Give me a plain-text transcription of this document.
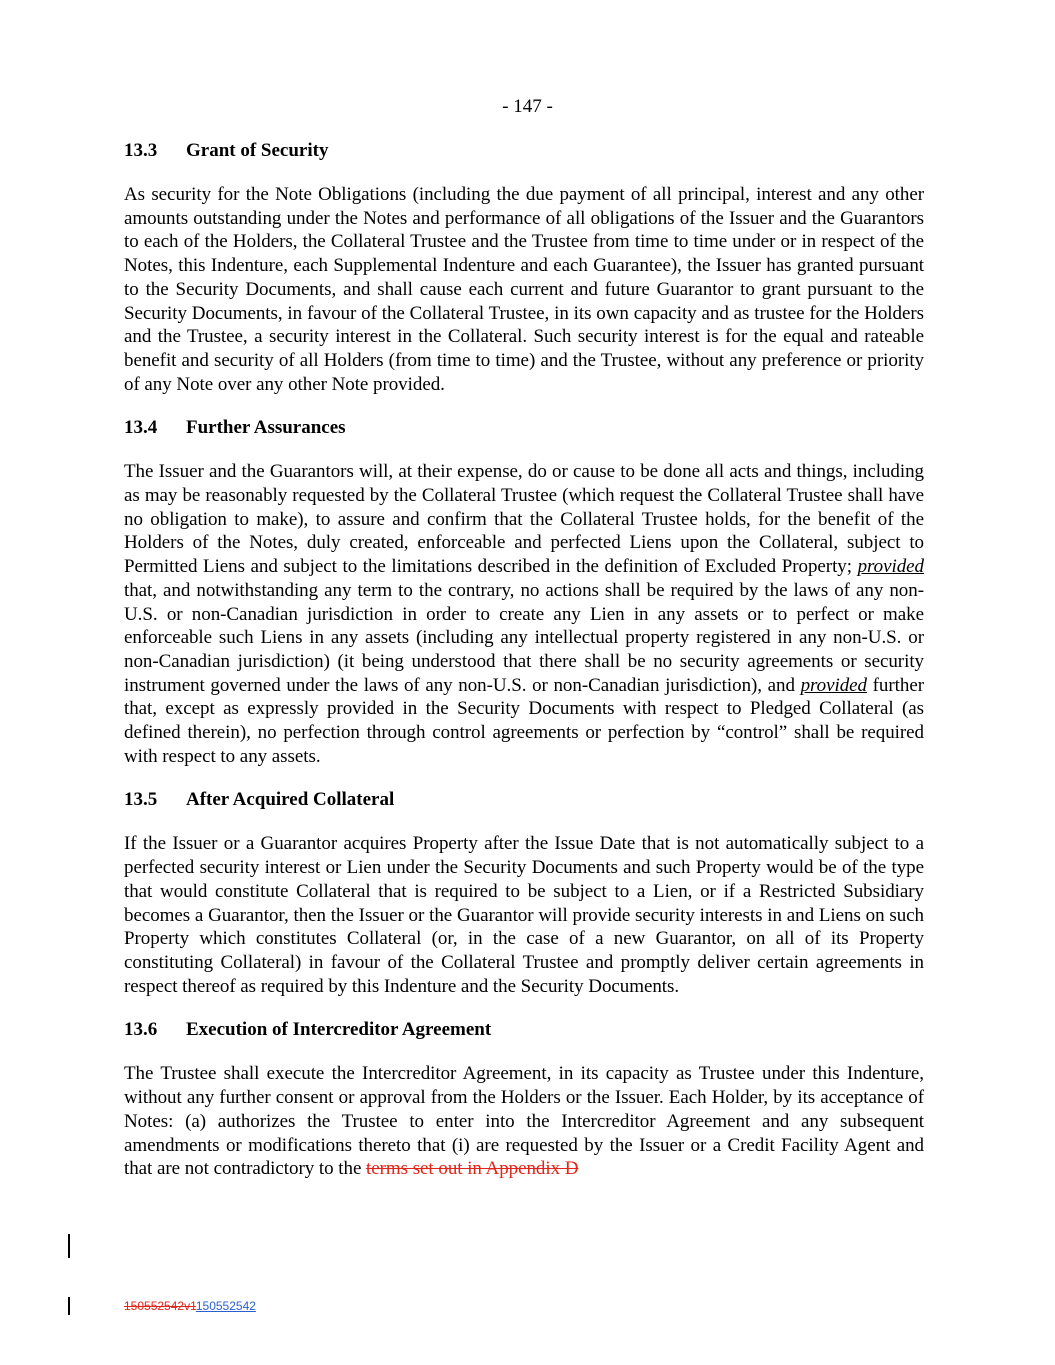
- 147 -
13.3 Grant of Security

As security for the Note Obligations (including the due payment of all principal, interest and any other amounts outstanding under the Notes and performance of all obligations of the Issuer and the Guarantors to each of the Holders, the Collateral Trustee and the Trustee from time to time under or in respect of the Notes, this Indenture, each Supplemental Indenture and each Guarantee), the Issuer has granted pursuant to the Security Documents, and shall cause each current and future Guarantor to grant pursuant to the Security Documents, in favour of the Collateral Trustee, in its own capacity and as trustee for the Holders and the Trustee, a security interest in the Collateral. Such security interest is for the equal and rateable benefit and security of all Holders (from time to time) and the Trustee, without any preference or priority of any Note over any other Note provided.

13.4 Further Assurances

The Issuer and the Guarantors will, at their expense, do or cause to be done all acts and things, including as may be reasonably requested by the Collateral Trustee (which request the Collateral Trustee shall have no obligation to make), to assure and confirm that the Collateral Trustee holds, for the benefit of the Holders of the Notes, duly created, enforceable and perfected Liens upon the Collateral, subject to Permitted Liens and subject to the limitations described in the definition of Excluded Property; provided that, and notwithstanding any term to the contrary, no actions shall be required by the laws of any non-U.S. or non-Canadian jurisdiction in order to create any Lien in any assets or to perfect or make enforceable such Liens in any assets (including any intellectual property registered in any non-U.S. or non-Canadian jurisdiction) (it being understood that there shall be no security agreements or security instrument governed under the laws of any non-U.S. or non-Canadian jurisdiction), and provided further that, except as expressly provided in the Security Documents with respect to Pledged Collateral (as defined therein), no perfection through control agreements or perfection by “control” shall be required with respect to any assets.

13.5 After Acquired Collateral

If the Issuer or a Guarantor acquires Property after the Issue Date that is not automatically subject to a perfected security interest or Lien under the Security Documents and such Property would be of the type that would constitute Collateral that is required to be subject to a Lien, or if a Restricted Subsidiary becomes a Guarantor, then the Issuer or the Guarantor will provide security interests in and Liens on such Property which constitutes Collateral (or, in the case of a new Guarantor, on all of its Property constituting Collateral) in favour of the Collateral Trustee and promptly deliver certain agreements in respect thereof as required by this Indenture and the Security Documents.

13.6 Execution of Intercreditor Agreement

The Trustee shall execute the Intercreditor Agreement, in its capacity as Trustee under this Indenture, without any further consent or approval from the Holders or the Issuer. Each Holder, by its acceptance of Notes: (a) authorizes the Trustee to enter into the Intercreditor Agreement and any subsequent amendments or modifications thereto that (i) are requested by the Issuer or a Credit Facility Agent and that are not contradictory to the terms set out in Appendix D

150552542v1150552542
